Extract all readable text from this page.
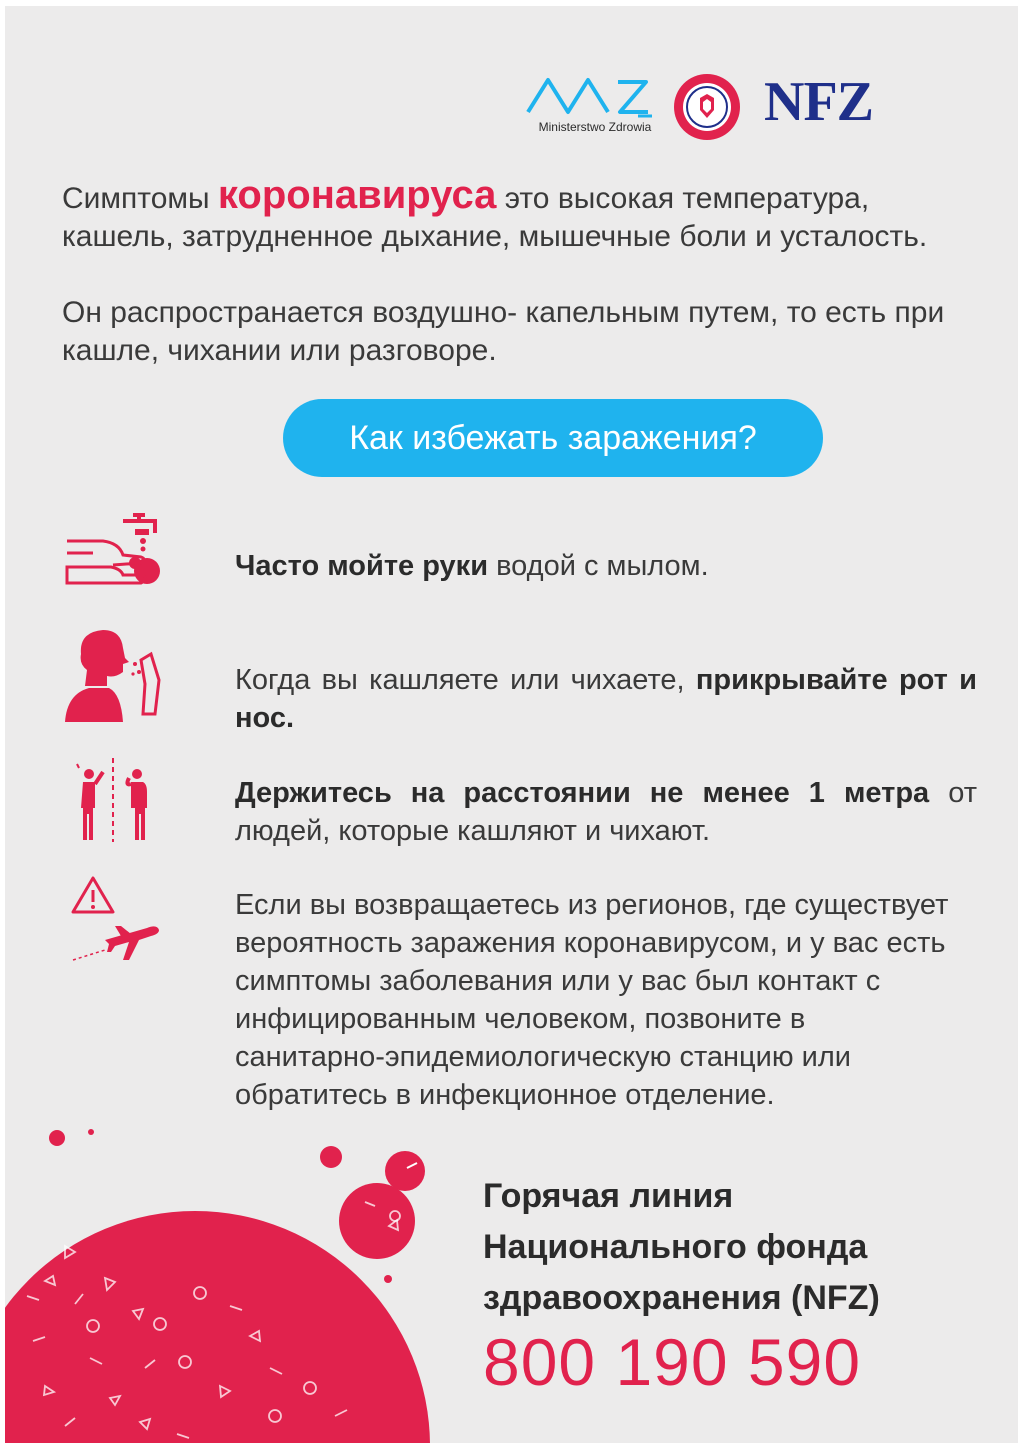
Ministerstwo Zdrowia	NFZ

Симптомы коронавируса это высокая температура, кашель, затрудненное дыхание, мышечные боли и усталость.

Он распространается воздушно- капельным путем, то есть при кашле, чихании или разговоре.

Как избежать заражения?
Часто мойте руки водой с мылом.
Когда вы кашляете или чихаете, прикрывайте рот и нос.
Держитесь на расстоянии не менее 1 метра от людей, которые кашляют и чихают.
Если вы возвращаетесь из регионов, где существует вероятность заражения коронавирусом, и у вас есть симптомы заболевания или у вас был контакт с инфицированным человеком, позвоните в санитарно-эпидемиологическую станцию или обратитесь в инфекционное отделение.
Горячая линия
Национального фонда
здравоохранения (NFZ)
800 190 590
